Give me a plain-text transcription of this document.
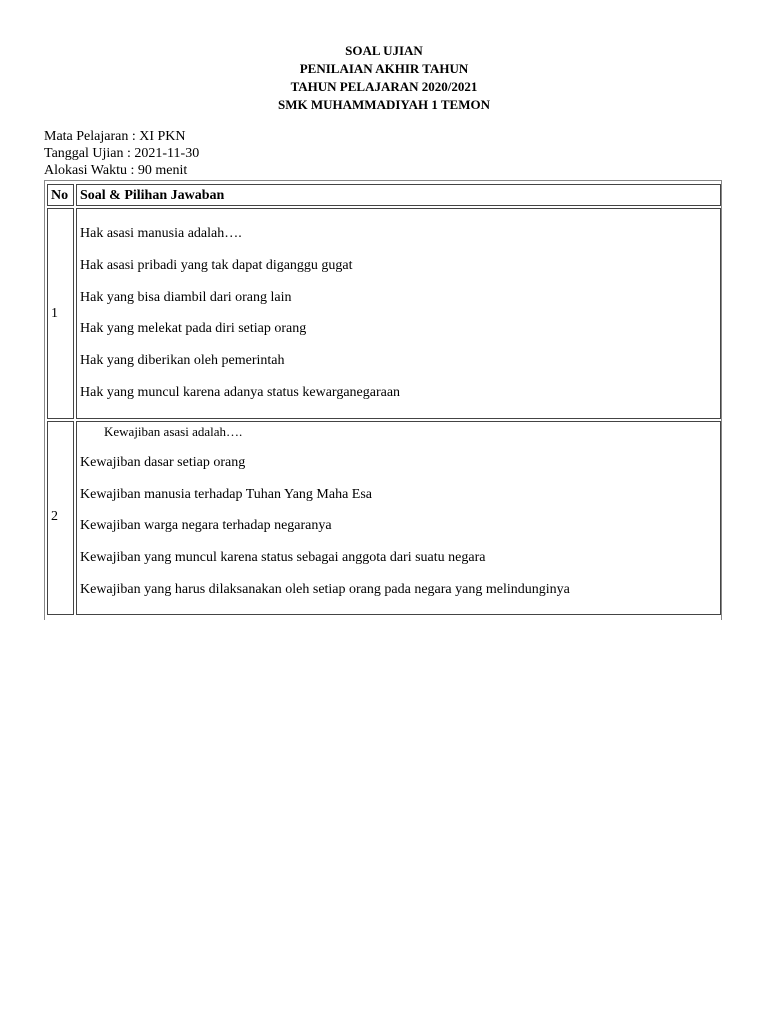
SOAL UJIAN
PENILAIAN AKHIR TAHUN
TAHUN PELAJARAN 2020/2021
SMK MUHAMMADIYAH 1 TEMON
Mata Pelajaran : XI PKN
Tanggal Ujian : 2021-11-30
Alokasi Waktu : 90 menit
No Soal & Pilihan Jawaban
1
Hak asasi manusia adalah….
Hak asasi pribadi yang tak dapat diganggu gugat
Hak yang bisa diambil dari orang lain
Hak yang melekat pada diri setiap orang
Hak yang diberikan oleh pemerintah
Hak yang muncul karena adanya status kewarganegaraan
2
Kewajiban asasi adalah….
Kewajiban dasar setiap orang
Kewajiban manusia terhadap Tuhan Yang Maha Esa
Kewajiban warga negara terhadap negaranya
Kewajiban yang muncul karena status sebagai anggota dari suatu negara
Kewajiban yang harus dilaksanakan oleh setiap orang pada negara yang melindunginya
